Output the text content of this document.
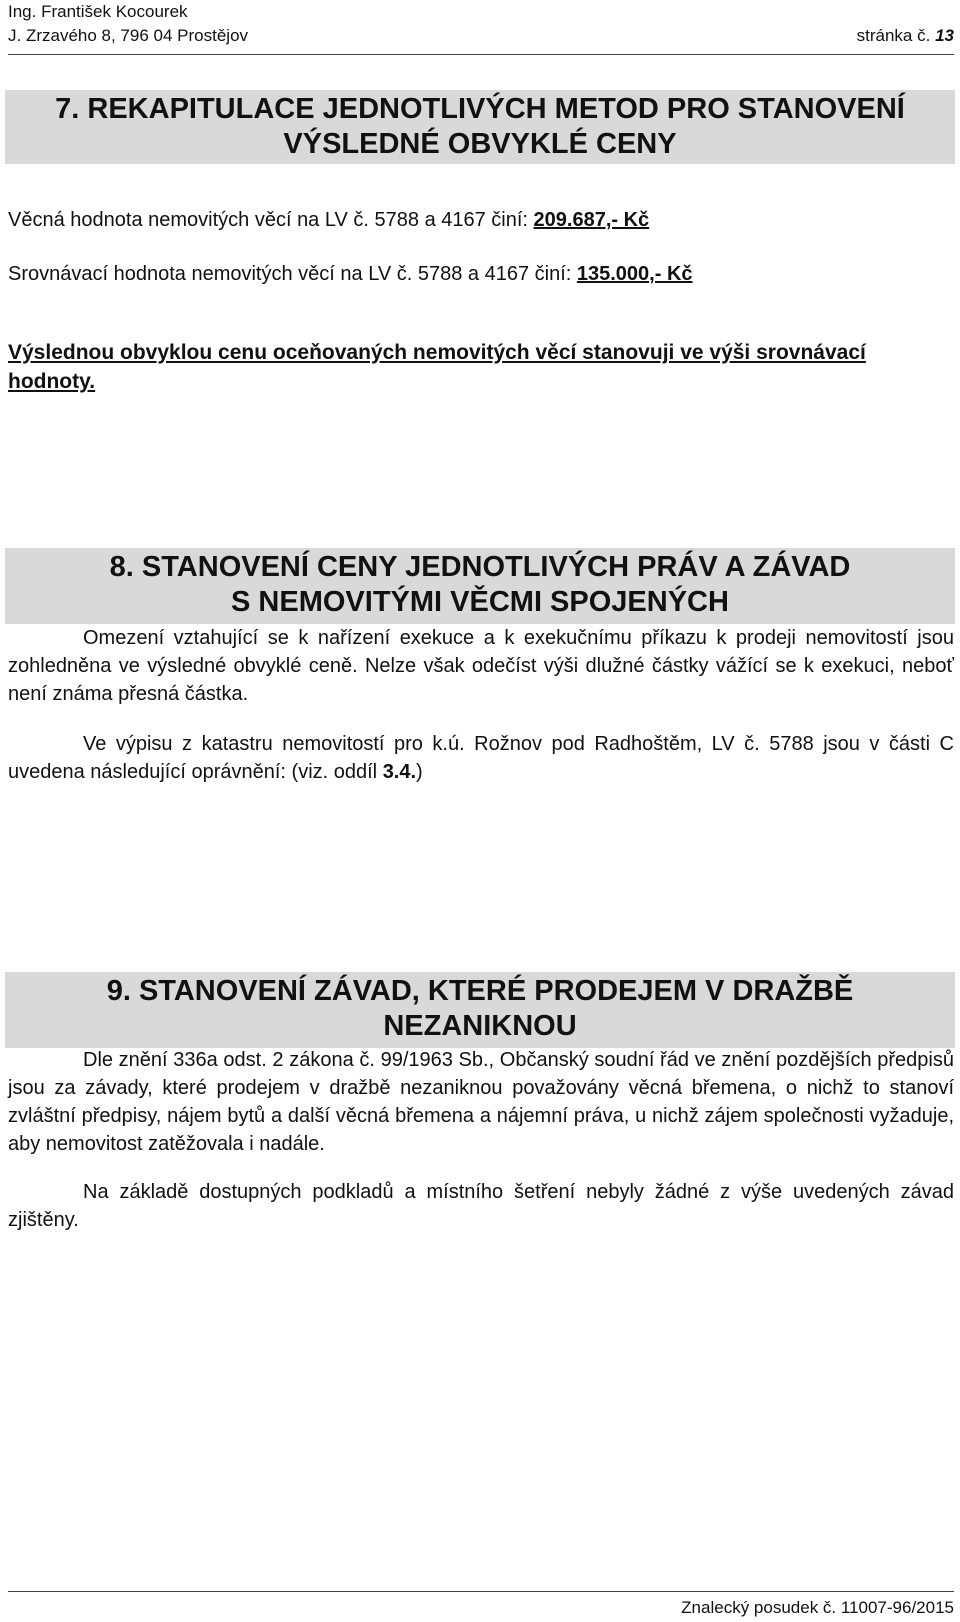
Ing. František Kocourek
J. Zrzavého 8, 796 04 Prostějov	stránka č. 13
7. REKAPITULACE JEDNOTLIVÝCH METOD PRO STANOVENÍ
VÝSLEDNÉ OBVYKLÉ CENY
Věcná hodnota nemovitých věcí na LV č. 5788 a 4167 činí: 209.687,- Kč
Srovnávací hodnota nemovitých věcí na LV č. 5788 a 4167 činí: 135.000,- Kč
Výslednou obvyklou cenu oceňovaných nemovitých věcí stanovuji ve výši srovnávací hodnoty.
8. STANOVENÍ CENY JEDNOTLIVÝCH PRÁV A ZÁVAD
S NEMOVITÝMI VĚCMI SPOJENÝCH
Omezení vztahující se k nařízení exekuce a k exekučnímu příkazu k prodeji nemovitostí jsou zohledněna ve výsledné obvyklé ceně. Nelze však odečíst výši dlužné částky vážící se k exekuci, neboť není známa přesná částka.
Ve výpisu z katastru nemovitostí pro k.ú. Rožnov pod Radhoštěm, LV č. 5788 jsou v části C uvedena následující oprávnění: (viz. oddíl 3.4.)
9. STANOVENÍ ZÁVAD, KTERÉ PRODEJEM V DRAŽBĚ
NEZANIKNOU
Dle znění 336a odst. 2 zákona č. 99/1963 Sb., Občanský soudní řád ve znění pozdějších předpisů jsou za závady, které prodejem v dražbě nezaniknou považovány věcná břemena, o nichž to stanoví zvláštní předpisy, nájem bytů a další věcná břemena a nájemní práva, u nichž zájem společnosti vyžaduje, aby nemovitost zatěžovala i nadále.
Na základě dostupných podkladů a místního šetření nebyly žádné z výše uvedených závad zjištěny.
Znalecký posudek č. 11007-96/2015
